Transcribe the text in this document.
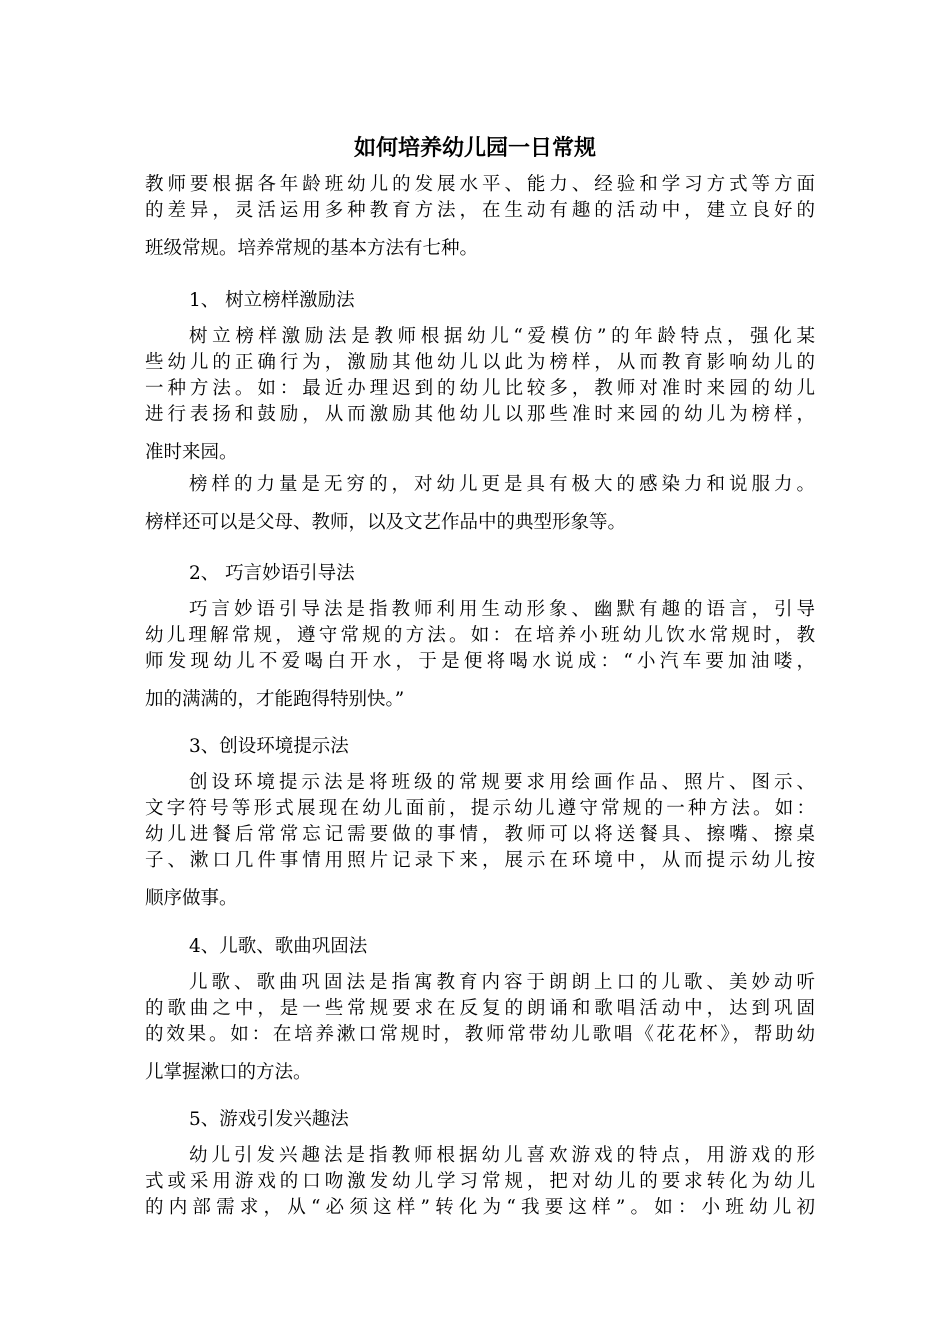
如何培养幼儿园一日常规
教师要根据各年龄班幼儿的发展水平、能力、经验和学习方式等方面
的差异，灵活运用多种教育方法，在生动有趣的活动中，建立良好的
班级常规。培养常规的基本方法有七种。
1、 树立榜样激励法
树立榜样激励法是教师根据幼儿“爱模仿”的年龄特点，强化某
些幼儿的正确行为，激励其他幼儿以此为榜样，从而教育影响幼儿的
一种方法。如：最近办理迟到的幼儿比较多，教师对准时来园的幼儿
进行表扬和鼓励，从而激励其他幼儿以那些准时来园的幼儿为榜样，
准时来园。
榜样的力量是无穷的，对幼儿更是具有极大的感染力和说服力。
榜样还可以是父母、教师，以及文艺作品中的典型形象等。
2、 巧言妙语引导法
巧言妙语引导法是指教师利用生动形象、幽默有趣的语言，引导
幼儿理解常规，遵守常规的方法。如：在培养小班幼儿饮水常规时，教
师发现幼儿不爱喝白开水，于是便将喝水说成：“小汽车要加油喽，
加的满满的，才能跑得特别快。”
3、创设环境提示法
创设环境提示法是将班级的常规要求用绘画作品、照片、图示、
文字符号等形式展现在幼儿面前，提示幼儿遵守常规的一种方法。如：
幼儿进餐后常常忘记需要做的事情，教师可以将送餐具、擦嘴、擦桌
子、漱口几件事情用照片记录下来，展示在环境中，从而提示幼儿按
顺序做事。
4、儿歌、歌曲巩固法
儿歌、歌曲巩固法是指寓教育内容于朗朗上口的儿歌、美妙动听
的歌曲之中，是一些常规要求在反复的朗诵和歌唱活动中，达到巩固
的效果。如：在培养漱口常规时，教师常带幼儿歌唱《花花杯》，帮助幼
儿掌握漱口的方法。
5、游戏引发兴趣法
幼儿引发兴趣法是指教师根据幼儿喜欢游戏的特点，用游戏的形
式或采用游戏的口吻激发幼儿学习常规，把对幼儿的要求转化为幼儿
的内部需求，从“必须这样”转化为“我要这样”。如：小班幼儿初
